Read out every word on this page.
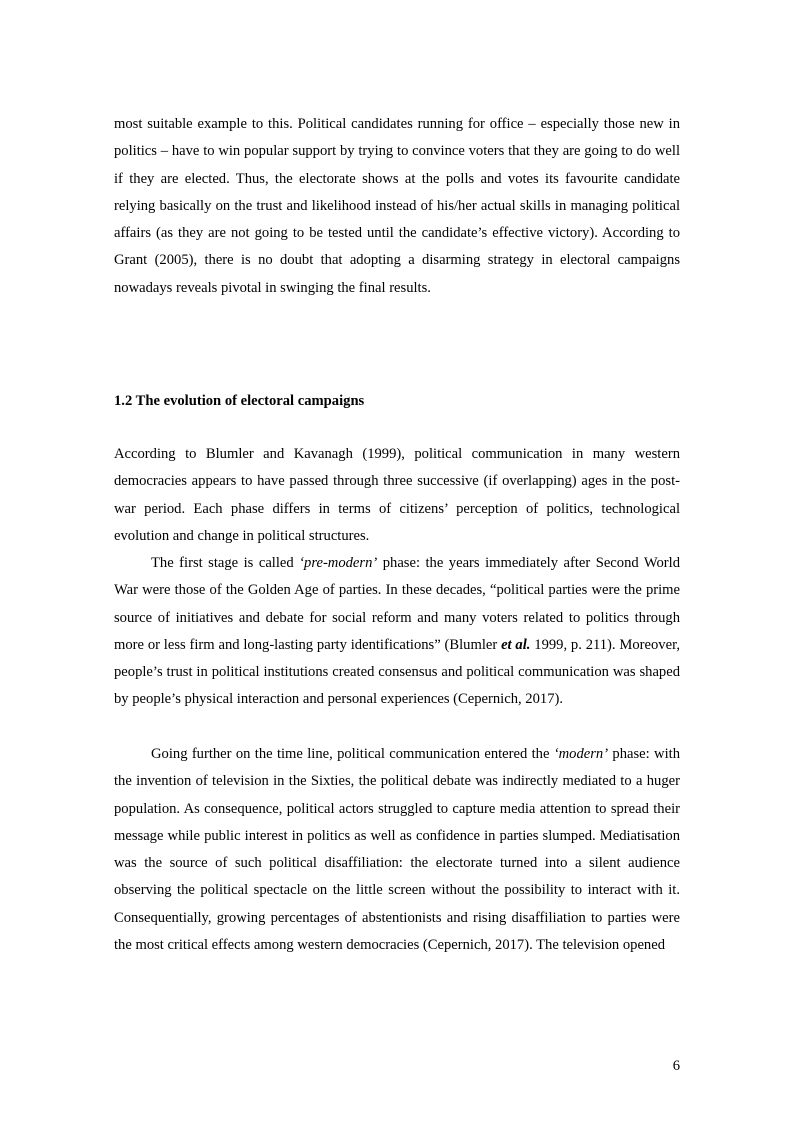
most suitable example to this. Political candidates running for office – especially those new in politics – have to win popular support by trying to convince voters that they are going to do well if they are elected. Thus, the electorate shows at the polls and votes its favourite candidate relying basically on the trust and likelihood instead of his/her actual skills in managing political affairs (as they are not going to be tested until the candidate’s effective victory). According to Grant (2005), there is no doubt that adopting a disarming strategy in electoral campaigns nowadays reveals pivotal in swinging the final results.

1.2 The evolution of electoral campaigns

According to Blumler and Kavanagh (1999), political communication in many western democracies appears to have passed through three successive (if overlapping) ages in the post-war period. Each phase differs in terms of citizens’ perception of politics, technological evolution and change in political structures.

The first stage is called ‘pre-modern’ phase: the years immediately after Second World War were those of the Golden Age of parties. In these decades, “political parties were the prime source of initiatives and debate for social reform and many voters related to politics through more or less firm and long-lasting party identifications” (Blumler et al. 1999, p. 211). Moreover, people’s trust in political institutions created consensus and political communication was shaped by people’s physical interaction and personal experiences (Cepernich, 2017).

Going further on the time line, political communication entered the ‘modern’ phase: with the invention of television in the Sixties, the political debate was indirectly mediated to a huger population. As consequence, political actors struggled to capture media attention to spread their message while public interest in politics as well as confidence in parties slumped. Mediatisation was the source of such political disaffiliation: the electorate turned into a silent audience observing the political spectacle on the little screen without the possibility to interact with it. Consequentially, growing percentages of abstentionists and rising disaffiliation to parties were the most critical effects among western democracies (Cepernich, 2017). The television opened

6
